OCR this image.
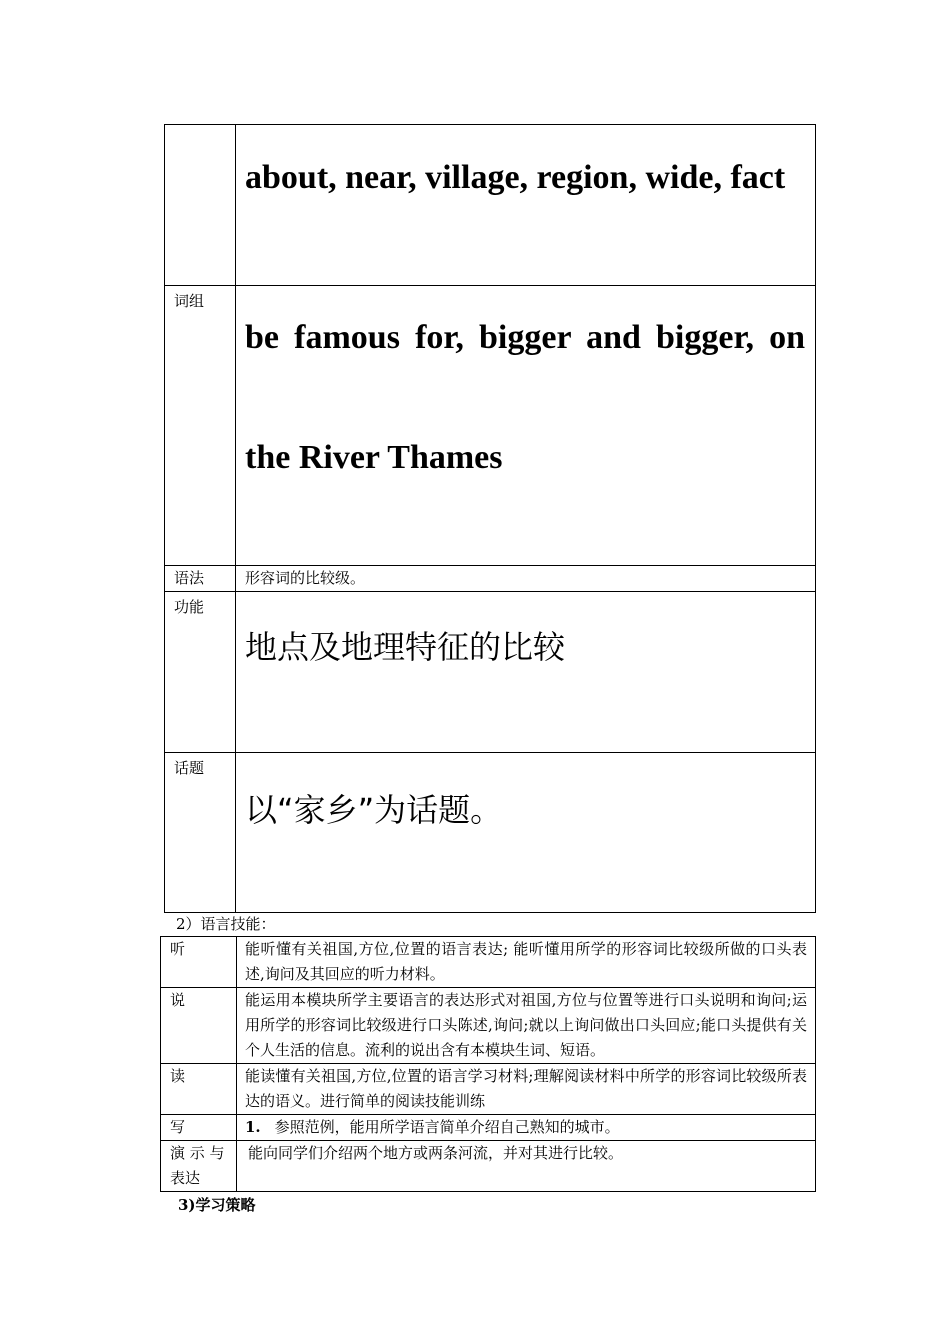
	about, near, village, region, wide, fact

词组	be famous for, bigger and bigger, on the River Thames

语法	形容词的比较级。
功能	地点及地理特征的比较

话题	以“家乡”为话题。

2）语言技能：
听	能听懂有关祖国,方位,位置的语言表达; 能听懂用所学的形容词比较级所做的口头表述,询问及其回应的听力材料。
说	能运用本模块所学主要语言的表达形式对祖国,方位与位置等进行口头说明和询问;运用所学的形容词比较级进行口头陈述,询问;就以上询问做出口头回应;能口头提供有关个人生活的信息。流利的说出含有本模块生词、短语。
读	能读懂有关祖国,方位,位置的语言学习材料;理解阅读材料中所学的形容词比较级所表达的语义。进行简单的阅读技能训练
写	1. 参照范例，能用所学语言简单介绍自己熟知的城市。
演 示 与表达	能向同学们介绍两个地方或两条河流，并对其进行比较。
3)学习策略
